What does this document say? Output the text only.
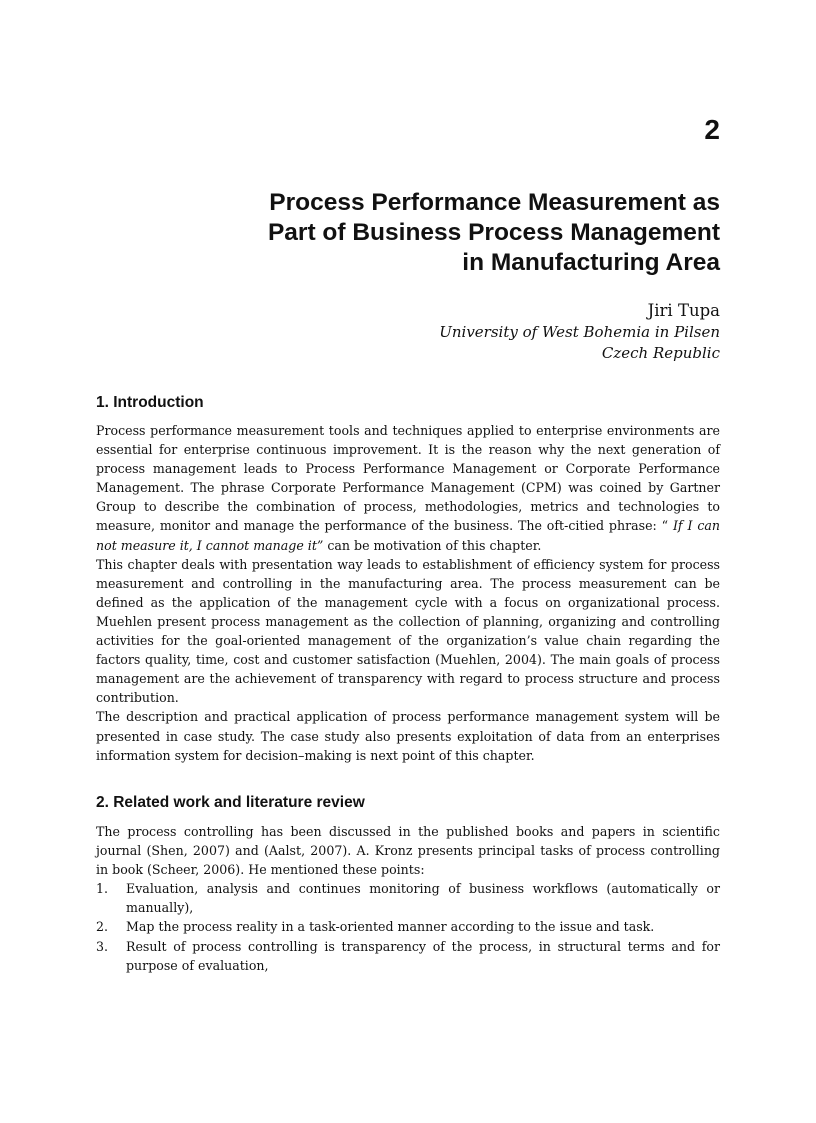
2
Process Performance Measurement as
Part of Business Process Management
in Manufacturing Area
Jiri Tupa
University of West Bohemia in Pilsen
Czech Republic
1. Introduction

Process performance measurement tools and techniques applied to enterprise environments are essential for enterprise continuous improvement. It is the reason why the next generation of process management leads to Process Performance Management or Corporate Performance Management. The phrase Corporate Performance Management (CPM) was coined by Gartner Group to describe the combination of process, methodologies, metrics and technologies to measure, monitor and manage the performance of the business. The oft-citied phrase: “ If I can not measure it, I cannot manage it” can be motivation of this chapter.

This chapter deals with presentation way leads to establishment of efficiency system for process measurement and controlling in the manufacturing area. The process measurement can be defined as the application of the management cycle with a focus on organizational process. Muehlen present process management as the collection of planning, organizing and controlling activities for the goal-oriented management of the organization’s value chain regarding the factors quality, time, cost and customer satisfaction (Muehlen, 2004). The main goals of process management are the achievement of transparency with regard to process structure and process contribution.

The description and practical application of process performance management system will be presented in case study. The case study also presents exploitation of data from an enterprises information system for decision–making is next point of this chapter.

2. Related work and literature review

The process controlling has been discussed in the published books and papers in scientific journal (Shen, 2007) and (Aalst, 2007). A. Kronz presents principal tasks of process controlling in book (Scheer, 2006). He mentioned these points:

1. Evaluation, analysis and continues monitoring of business workflows (automatically or manually),
2. Map the process reality in a task-oriented manner according to the issue and task.
3. Result of process controlling is transparency of the process, in structural terms and for purpose of evaluation,
